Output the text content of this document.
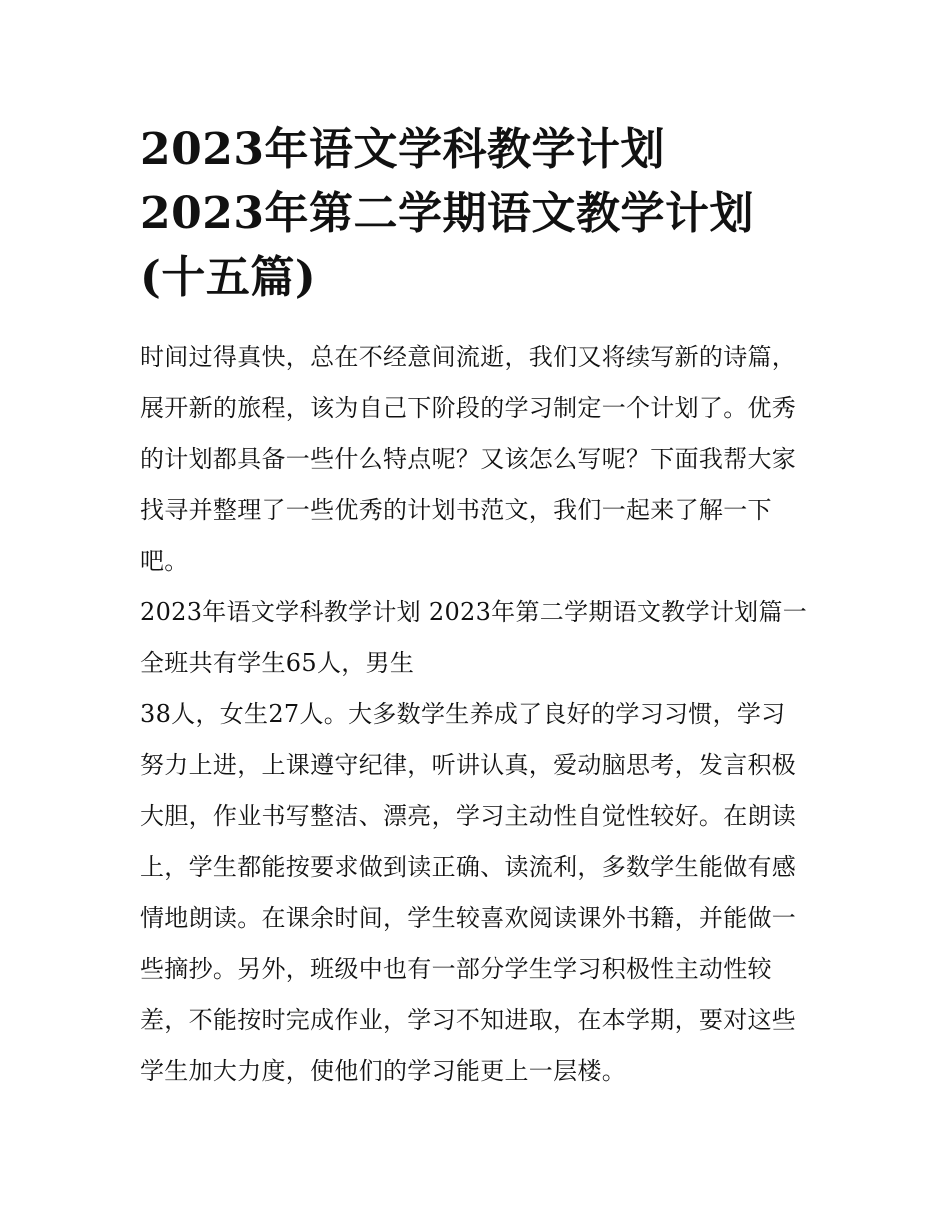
2023年语文学科教学计划
2023年第二学期语文教学计划
(十五篇)
时间过得真快，总在不经意间流逝，我们又将续写新的诗篇，
展开新的旅程，该为自己下阶段的学习制定一个计划了。优秀
的计划都具备一些什么特点呢？又该怎么写呢？下面我帮大家
找寻并整理了一些优秀的计划书范文，我们一起来了解一下
吧。
2023年语文学科教学计划 2023年第二学期语文教学计划篇一
全班共有学生65人，男生
38人，女生27人。大多数学生养成了良好的学习习惯，学习
努力上进，上课遵守纪律，听讲认真，爱动脑思考，发言积极
大胆，作业书写整洁、漂亮，学习主动性自觉性较好。在朗读
上，学生都能按要求做到读正确、读流利，多数学生能做有感
情地朗读。在课余时间，学生较喜欢阅读课外书籍，并能做一
些摘抄。另外，班级中也有一部分学生学习积极性主动性较
差，不能按时完成作业，学习不知进取，在本学期，要对这些
学生加大力度，使他们的学习能更上一层楼。
